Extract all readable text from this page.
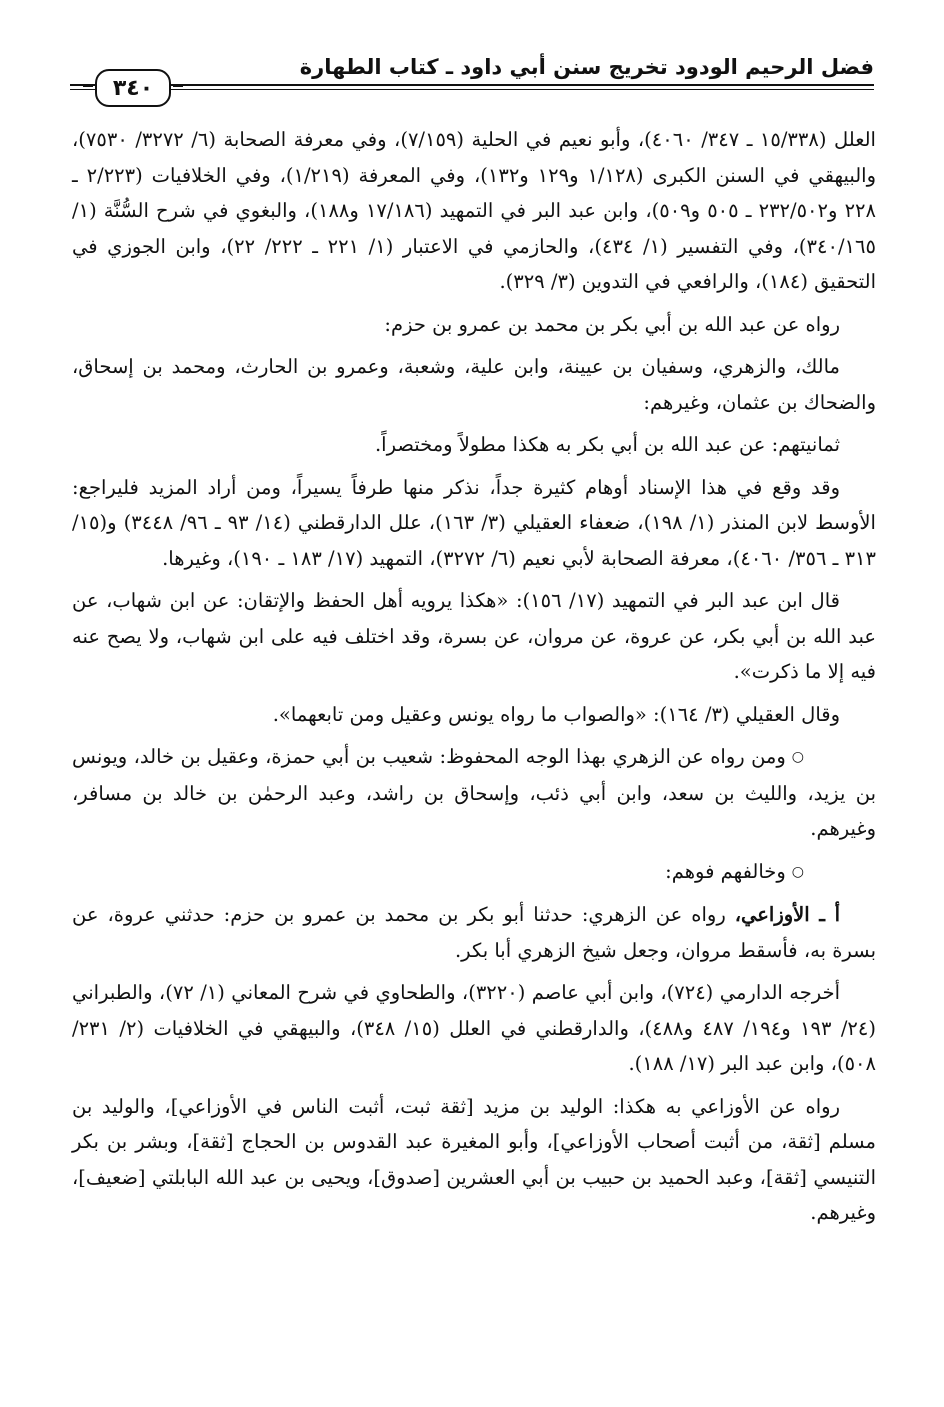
فضل الرحيم الودود تخريج سنن أبي داود ـ كتاب الطهارة
٣٤٠

العلل (١٥/٣٣٨ ـ ٣٤٧/ ٤٠٦٠)، وأبو نعيم في الحلية (٧/١٥٩)، وفي معرفة الصحابة (٦/ ٣٢٧٢/ ٧٥٣٠)، والبيهقي في السنن الكبرى (١/١٢٨ و١٢٩ و١٣٢)، وفي المعرفة (١/٢١٩)، وفي الخلافيات (٢/٢٢٣ ـ ٢٢٨ و٢٣٢/٥٠٢ ـ ٥٠٥ و٥٠٩)، وابن عبد البر في التمهيد (١٧/١٨٦ و١٨٨)، والبغوي في شرح السُّنَّة (١/ ٣٤٠/١٦٥)، وفي التفسير (١/ ٤٣٤)، والحازمي في الاعتبار (١/ ٢٢١ ـ ٢٢٢/ ٢٢)، وابن الجوزي في التحقيق (١٨٤)، والرافعي في التدوين (٣/ ٣٢٩).

رواه عن عبد الله بن أبي بكر بن محمد بن عمرو بن حزم:

مالك، والزهري، وسفيان بن عيينة، وابن علية، وشعبة، وعمرو بن الحارث، ومحمد بن إسحاق، والضحاك بن عثمان، وغيرهم:

ثمانيتهم: عن عبد الله بن أبي بكر به هكذا مطولاً ومختصراً.

وقد وقع في هذا الإسناد أوهام كثيرة جداً، نذكر منها طرفاً يسيراً، ومن أراد المزيد فليراجع: الأوسط لابن المنذر (١/ ١٩٨)، ضعفاء العقيلي (٣/ ١٦٣)، علل الدارقطني (١٤/ ٩٣ ـ ٩٦/ ٣٤٤٨) و(١٥/ ٣١٣ ـ ٣٥٦/ ٤٠٦٠)، معرفة الصحابة لأبي نعيم (٦/ ٣٢٧٢)، التمهيد (١٧/ ١٨٣ ـ ١٩٠)، وغيرها.

قال ابن عبد البر في التمهيد (١٧/ ١٥٦): «هكذا يرويه أهل الحفظ والإتقان: عن ابن شهاب، عن عبد الله بن أبي بكر، عن عروة، عن مروان، عن بسرة، وقد اختلف فيه على ابن شهاب، ولا يصح عنه فيه إلا ما ذكرت».

وقال العقيلي (٣/ ١٦٤): «والصواب ما رواه يونس وعقيل ومن تابعهما».

○ومن رواه عن الزهري بهذا الوجه المحفوظ: شعيب بن أبي حمزة، وعقيل بن خالد، ويونس بن يزيد، والليث بن سعد، وابن أبي ذئب، وإسحاق بن راشد، وعبد الرحمٰن بن خالد بن مسافر، وغيرهم.

○وخالفهم فوهم:

أ ـ الأوزاعي، رواه عن الزهري: حدثنا أبو بكر بن محمد بن عمرو بن حزم: حدثني عروة، عن بسرة به، فأسقط مروان، وجعل شيخ الزهري أبا بكر.

أخرجه الدارمي (٧٢٤)، وابن أبي عاصم (٣٢٢٠)، والطحاوي في شرح المعاني (١/ ٧٢)، والطبراني (٢٤/ ١٩٣ و١٩٤/ ٤٨٧ و٤٨٨)، والدارقطني في العلل (١٥/ ٣٤٨)، والبيهقي في الخلافيات (٢/ ٢٣١/ ٥٠٨)، وابن عبد البر (١٧/ ١٨٨).

رواه عن الأوزاعي به هكذا: الوليد بن مزيد [ثقة ثبت، أثبت الناس في الأوزاعي]، والوليد بن مسلم [ثقة، من أثبت أصحاب الأوزاعي]، وأبو المغيرة عبد القدوس بن الحجاج [ثقة]، وبشر بن بكر التنيسي [ثقة]، وعبد الحميد بن حبيب بن أبي العشرين [صدوق]، ويحيى بن عبد الله البابلتي [ضعيف]، وغيرهم.
